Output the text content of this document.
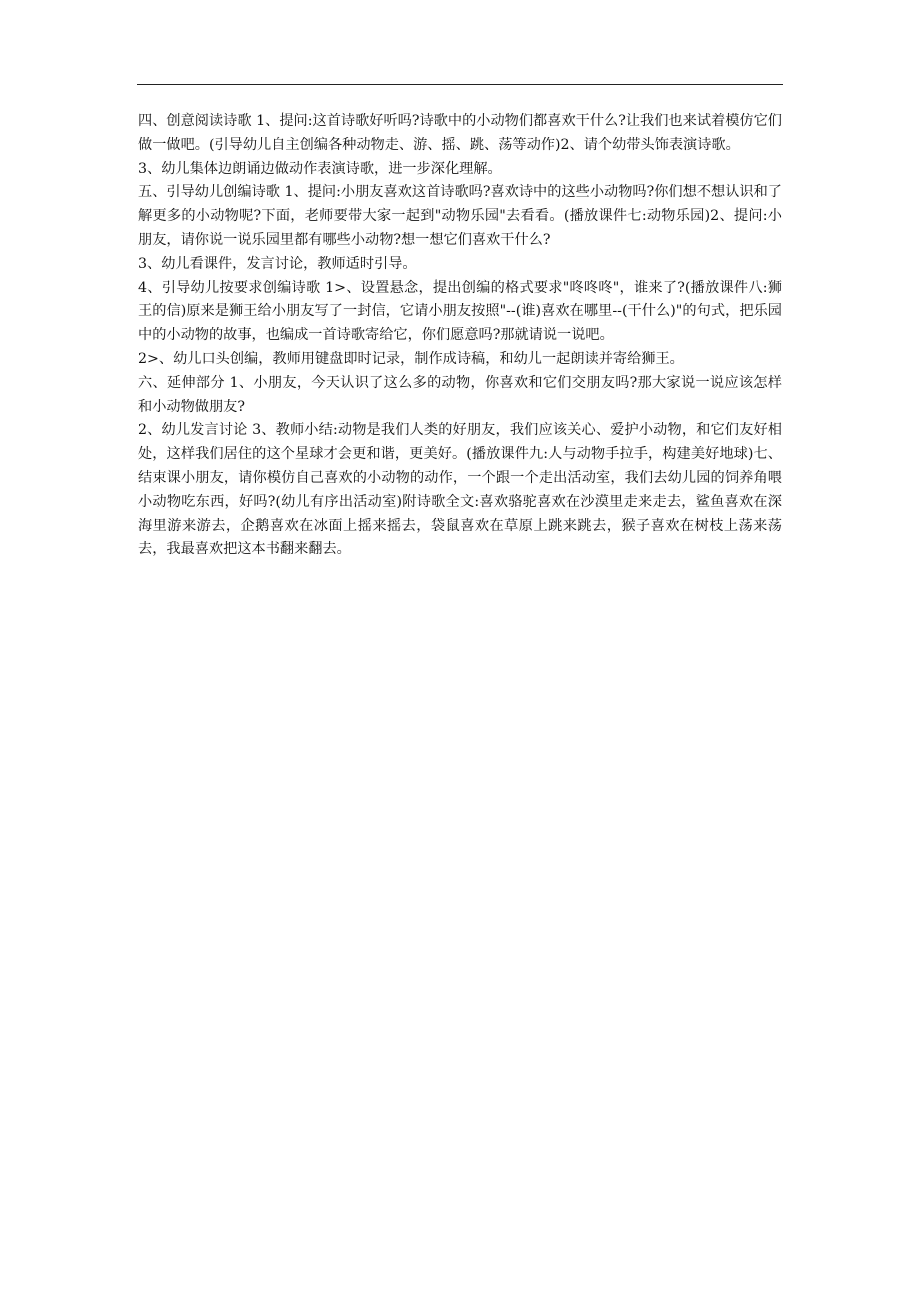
四、创意阅读诗歌 1、提问:这首诗歌好听吗?诗歌中的小动物们都喜欢干什么?让我们也来试着模仿它们做一做吧。(引导幼儿自主创编各种动物走、游、摇、跳、荡等动作)2、请个幼带头饰表演诗歌。

3、幼儿集体边朗诵边做动作表演诗歌，进一步深化理解。

五、引导幼儿创编诗歌 1、提问:小朋友喜欢这首诗歌吗?喜欢诗中的这些小动物吗?你们想不想认识和了解更多的小动物呢?下面，老师要带大家一起到"动物乐园"去看看。(播放课件七:动物乐园)2、提问:小朋友，请你说一说乐园里都有哪些小动物?想一想它们喜欢干什么?

3、幼儿看课件，发言讨论，教师适时引导。

4、引导幼儿按要求创编诗歌 1>、设置悬念，提出创编的格式要求"咚咚咚"，谁来了?(播放课件八:狮王的信)原来是狮王给小朋友写了一封信，它请小朋友按照"--(谁)喜欢在哪里--(干什么)"的句式，把乐园中的小动物的故事，也编成一首诗歌寄给它，你们愿意吗?那就请说一说吧。

2>、幼儿口头创编，教师用键盘即时记录，制作成诗稿，和幼儿一起朗读并寄给狮王。

六、延伸部分 1、小朋友，今天认识了这么多的动物，你喜欢和它们交朋友吗?那大家说一说应该怎样和小动物做朋友?

2、幼儿发言讨论 3、教师小结:动物是我们人类的好朋友，我们应该关心、爱护小动物，和它们友好相处，这样我们居住的这个星球才会更和谐，更美好。(播放课件九:人与动物手拉手，构建美好地球)七、结束课小朋友，请你模仿自己喜欢的小动物的动作，一个跟一个走出活动室，我们去幼儿园的饲养角喂小动物吃东西，好吗?(幼儿有序出活动室)附诗歌全文:喜欢骆驼喜欢在沙漠里走来走去，鲨鱼喜欢在深海里游来游去，企鹅喜欢在冰面上摇来摇去，袋鼠喜欢在草原上跳来跳去，猴子喜欢在树枝上荡来荡去，我最喜欢把这本书翻来翻去。
